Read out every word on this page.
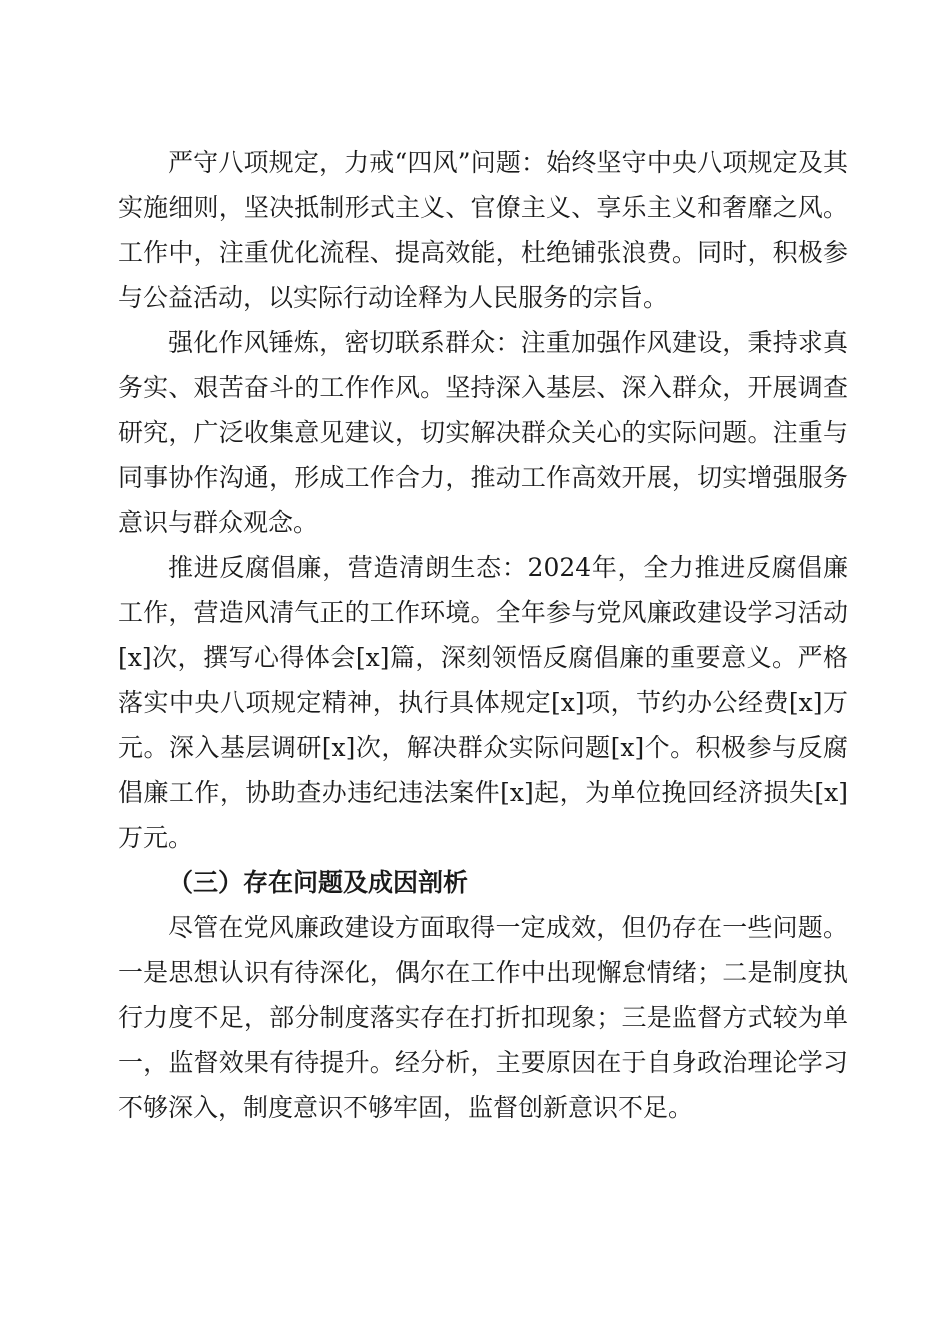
严守八项规定，力戒“四风”问题：始终坚守中央八项规定及其实施细则，坚决抵制形式主义、官僚主义、享乐主义和奢靡之风。工作中，注重优化流程、提高效能，杜绝铺张浪费。同时，积极参与公益活动，以实际行动诠释为人民服务的宗旨。

强化作风锤炼，密切联系群众：注重加强作风建设，秉持求真务实、艰苦奋斗的工作作风。坚持深入基层、深入群众，开展调查研究，广泛收集意见建议，切实解决群众关心的实际问题。注重与同事协作沟通，形成工作合力，推动工作高效开展，切实增强服务意识与群众观念。

推进反腐倡廉，营造清朗生态：2024年，全力推进反腐倡廉工作，营造风清气正的工作环境。全年参与党风廉政建设学习活动[x]次，撰写心得体会[x]篇，深刻领悟反腐倡廉的重要意义。严格落实中央八项规定精神，执行具体规定[x]项，节约办公经费[x]万元。深入基层调研[x]次，解决群众实际问题[x]个。积极参与反腐倡廉工作，协助查办违纪违法案件[x]起，为单位挽回经济损失[x]万元。

（三）存在问题及成因剖析

尽管在党风廉政建设方面取得一定成效，但仍存在一些问题。一是思想认识有待深化，偶尔在工作中出现懈怠情绪；二是制度执行力度不足，部分制度落实存在打折扣现象；三是监督方式较为单一，监督效果有待提升。经分析，主要原因在于自身政治理论学习不够深入，制度意识不够牢固，监督创新意识不足。
